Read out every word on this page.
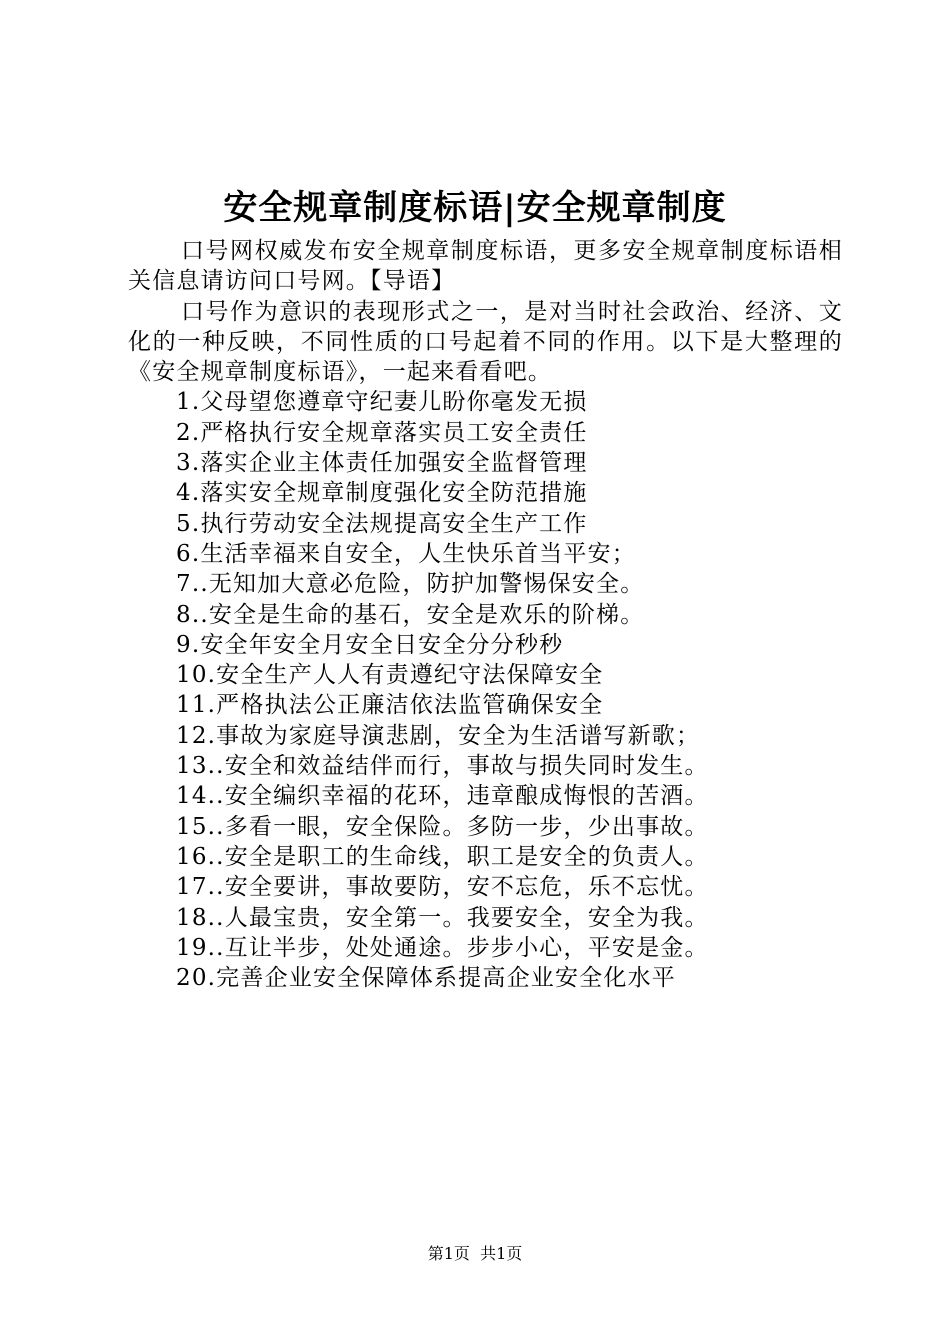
安全规章制度标语|安全规章制度

口号网权威发布安全规章制度标语，更多安全规章制度标语相关信息请访问口号网。【导语】

口号作为意识的表现形式之一，是对当时社会政治、经济、文化的一种反映，不同性质的口号起着不同的作用。以下是大整理的《安全规章制度标语》，一起来看看吧。

1.父母望您遵章守纪妻儿盼你毫发无损
2.严格执行安全规章落实员工安全责任
3.落实企业主体责任加强安全监督管理
4.落实安全规章制度强化安全防范措施
5.执行劳动安全法规提高安全生产工作
6.生活幸福来自安全，人生快乐首当平安；
7..无知加大意必危险，防护加警惕保安全。
8..安全是生命的基石，安全是欢乐的阶梯。
9.安全年安全月安全日安全分分秒秒
10.安全生产人人有责遵纪守法保障安全
11.严格执法公正廉洁依法监管确保安全
12.事故为家庭导演悲剧，安全为生活谱写新歌；
13..安全和效益结伴而行，事故与损失同时发生。
14..安全编织幸福的花环，违章酿成悔恨的苦酒。
15..多看一眼，安全保险。多防一步，少出事故。
16..安全是职工的生命线，职工是安全的负责人。
17..安全要讲，事故要防，安不忘危，乐不忘忧。
18..人最宝贵，安全第一。我要安全，安全为我。
19..互让半步，处处通途。步步小心，平安是金。
20.完善企业安全保障体系提高企业安全化水平
第1页  共1页
